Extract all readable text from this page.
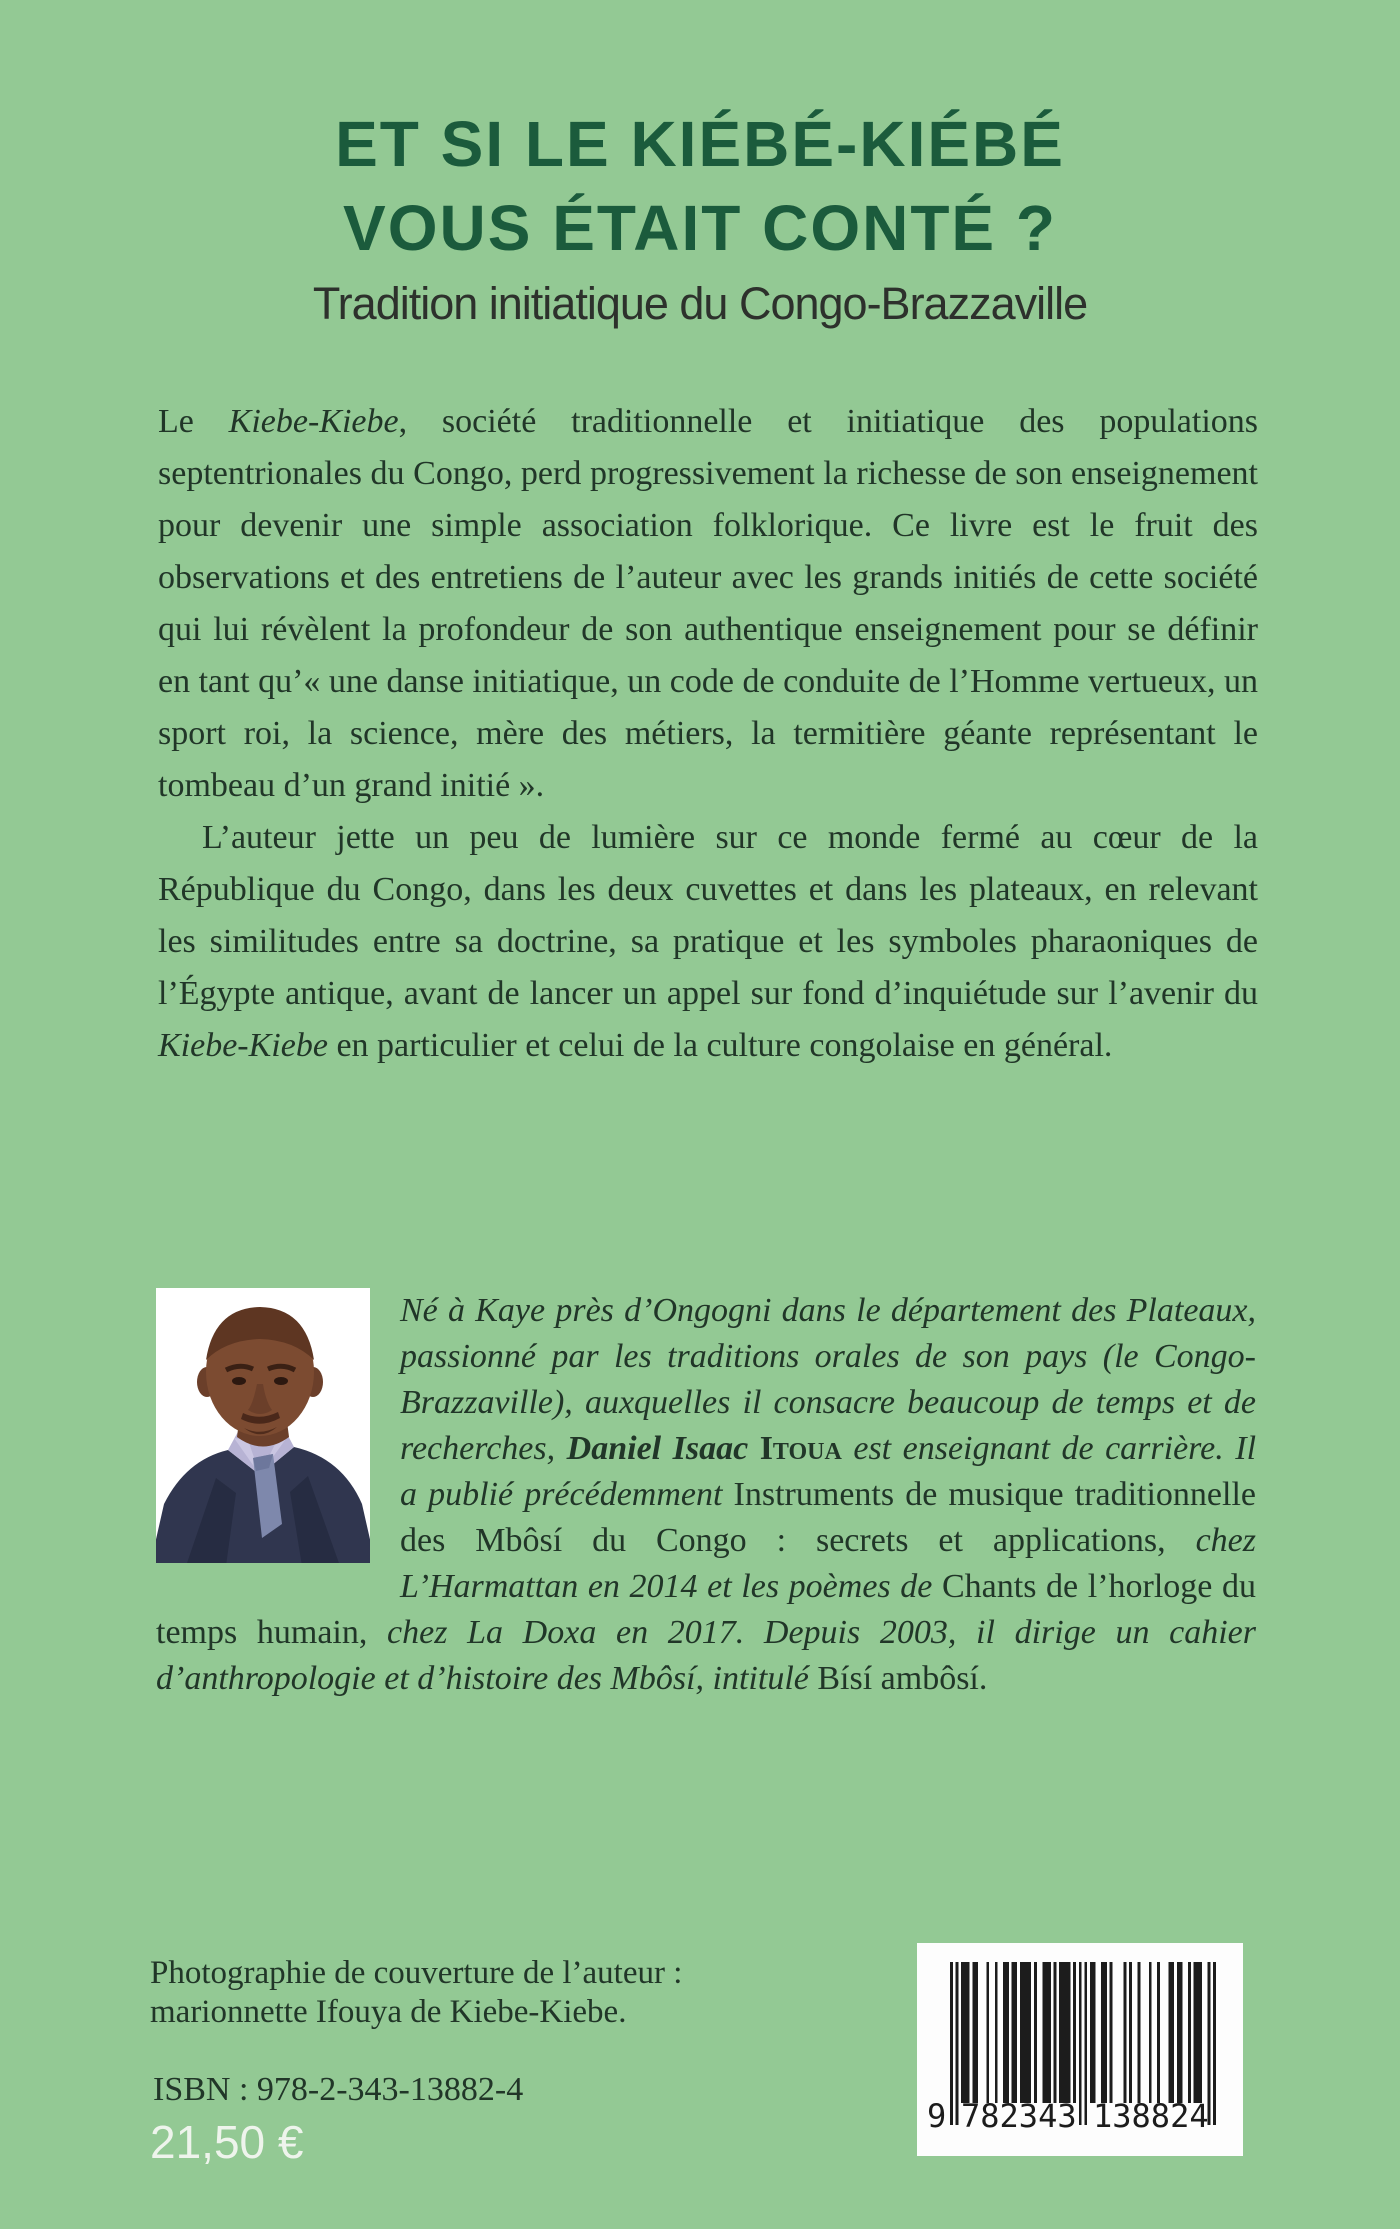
ET SI LE KIÉBÉ-KIÉBÉ
VOUS ÉTAIT CONTÉ ?
Tradition initiatique du Congo-Brazzaville

Le Kiebe-Kiebe, société traditionnelle et initiatique des populations septentrionales du Congo, perd progressivement la richesse de son enseignement pour devenir une simple association folklorique. Ce livre est le fruit des observations et des entretiens de l’auteur avec les grands initiés de cette société qui lui révèlent la profondeur de son authentique enseignement pour se définir en tant qu’« une danse initiatique, un code de conduite de l’Homme vertueux, un sport roi, la science, mère des métiers, la termitière géante représentant le tombeau d’un grand initié ».

L’auteur jette un peu de lumière sur ce monde fermé au cœur de la République du Congo, dans les deux cuvettes et dans les plateaux, en relevant les similitudes entre sa doctrine, sa pratique et les symboles pharaoniques de l’Égypte antique, avant de lancer un appel sur fond d’inquiétude sur l’avenir du Kiebe-Kiebe en particulier et celui de la culture congolaise en général.

Né à Kaye près d’Ongogni dans le département des Plateaux, passionné par les traditions orales de son pays (le Congo- Brazzaville), auxquelles il consacre beaucoup de temps et de recherches, Daniel Isaac Itoua est enseignant de carrière. Il a publié précédemment Instruments de musique traditionnelle des Mbôsí du Congo : secrets et applications, chez L’Harmattan en 2014 et les poèmes de Chants de l’horloge du temps humain, chez La Doxa en 2017. Depuis 2003, il dirige un cahier d’anthropologie et d’histoire des Mbôsí, intitulé Bísí ambôsí.

Photographie de couverture de l’auteur :
marionnette Ifouya de Kiebe-Kiebe.
ISBN : 978-2-343-13882-4
21,50 €	9 782343 138824
